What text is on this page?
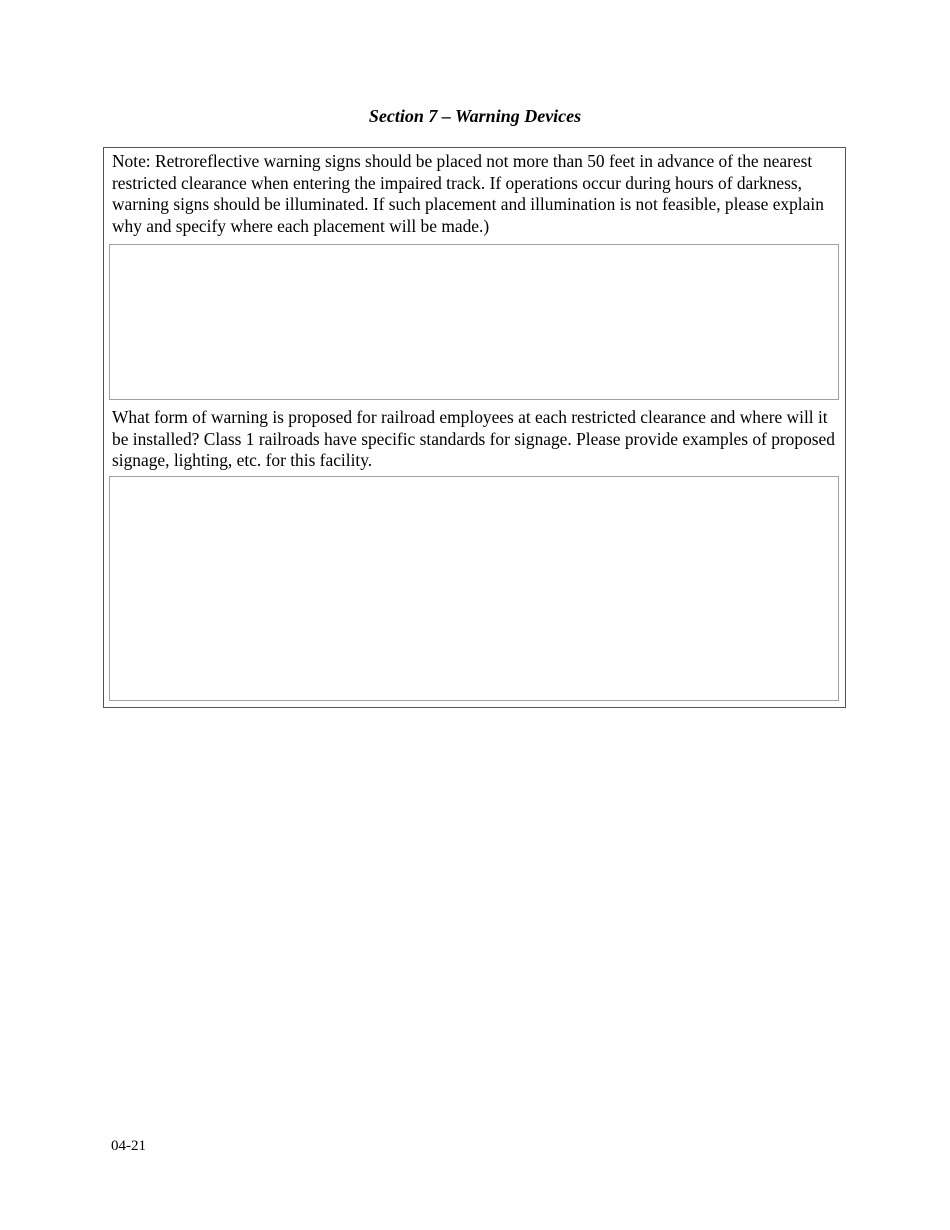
Section 7 – Warning Devices
Note: Retroreflective warning signs should be placed not more than 50 feet in advance of the nearest restricted clearance when entering the impaired track. If operations occur during hours of darkness, warning signs should be illuminated. If such placement and illumination is not feasible, please explain why and specify where each placement will be made.)
What form of warning is proposed for railroad employees at each restricted clearance and where will it be installed? Class 1 railroads have specific standards for signage. Please provide examples of proposed signage, lighting, etc. for this facility.
04-21
